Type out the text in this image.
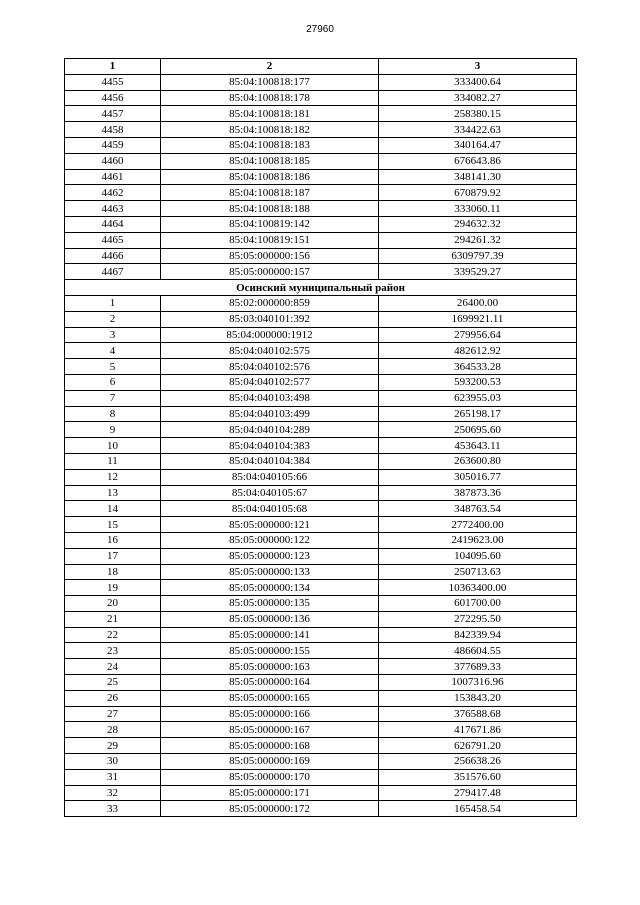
27960
1	2	3
4455	85:04:100818:177	333400.64
4456	85:04:100818:178	334082.27
4457	85:04:100818:181	258380.15
4458	85:04:100818:182	334422.63
4459	85:04:100818:183	340164.47
4460	85:04:100818:185	676643.86
4461	85:04:100818:186	348141.30
4462	85:04:100818:187	670879.92
4463	85:04:100818:188	333060.11
4464	85:04:100819:142	294632.32
4465	85:04:100819:151	294261.32
4466	85:05:000000:156	6309797.39
4467	85:05:000000:157	339529.27
Осинский муниципальный район		
1	85:02:000000:859	26400.00
2	85:03:040101:392	1699921.11
3	85:04:000000:1912	279956.64
4	85:04:040102:575	482612.92
5	85:04:040102:576	364533.28
6	85:04:040102:577	593200.53
7	85:04:040103:498	623955.03
8	85:04:040103:499	265198.17
9	85:04:040104:289	250695.60
10	85:04:040104:383	453643.11
11	85:04:040104:384	263600.80
12	85:04:040105:66	305016.77
13	85:04:040105:67	387873.36
14	85:04:040105:68	348763.54
15	85:05:000000:121	2772400.00
16	85:05:000000:122	2419623.00
17	85:05:000000:123	104095.60
18	85:05:000000:133	250713.63
19	85:05:000000:134	10363400.00
20	85:05:000000:135	601700.00
21	85:05:000000:136	272295.50
22	85:05:000000:141	842339.94
23	85:05:000000:155	486604.55
24	85:05:000000:163	377689.33
25	85:05:000000:164	1007316.96
26	85:05:000000:165	153843.20
27	85:05:000000:166	376588.68
28	85:05:000000:167	417671.86
29	85:05:000000:168	626791.20
30	85:05:000000:169	256638.26
31	85:05:000000:170	351576.60
32	85:05:000000:171	279417.48
33	85:05:000000:172	165458.54
